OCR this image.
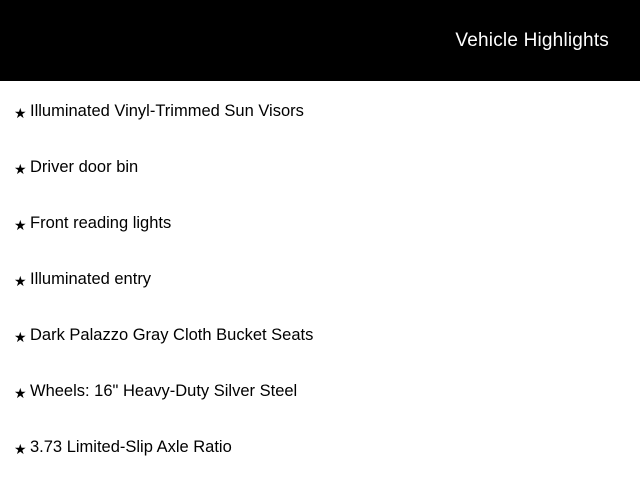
Vehicle Highlights
★ Illuminated Vinyl-Trimmed Sun Visors
★ Driver door bin
★ Front reading lights
★ Illuminated entry
★ Dark Palazzo Gray Cloth Bucket Seats
★ Wheels: 16" Heavy-Duty Silver Steel
★ 3.73 Limited-Slip Axle Ratio
